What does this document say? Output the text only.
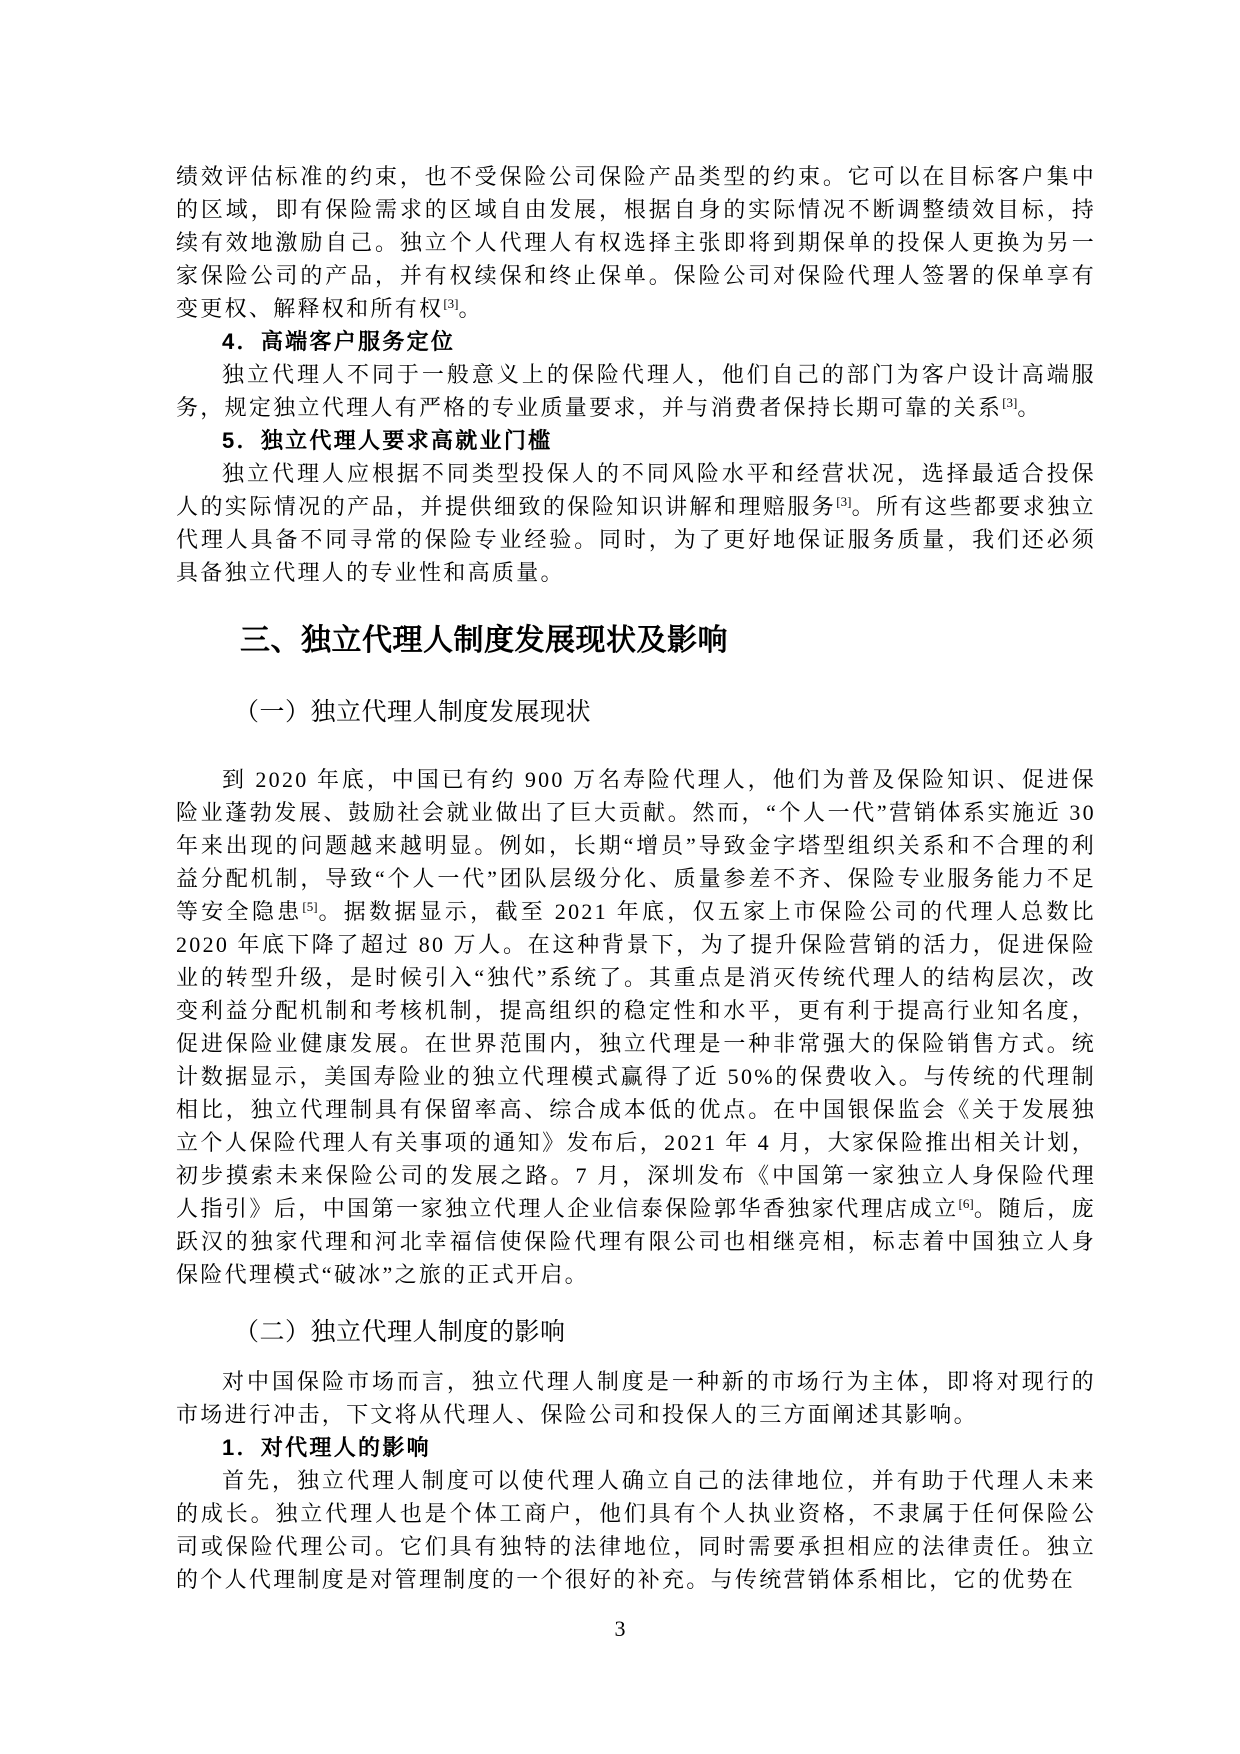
绩效评估标准的约束，也不受保险公司保险产品类型的约束。它可以在目标客户集中的区域，即有保险需求的区域自由发展，根据自身的实际情况不断调整绩效目标，持续有效地激励自己。独立个人代理人有权选择主张即将到期保单的投保人更换为另一家保险公司的产品，并有权续保和终止保单。保险公司对保险代理人签署的保单享有变更权、解释权和所有权[3]。

4．高端客户服务定位

独立代理人不同于一般意义上的保险代理人，他们自己的部门为客户设计高端服务，规定独立代理人有严格的专业质量要求，并与消费者保持长期可靠的关系[3]。

5．独立代理人要求高就业门槛

独立代理人应根据不同类型投保人的不同风险水平和经营状况，选择最适合投保人的实际情况的产品，并提供细致的保险知识讲解和理赔服务[3]。所有这些都要求独立代理人具备不同寻常的保险专业经验。同时，为了更好地保证服务质量，我们还必须具备独立代理人的专业性和高质量。

三、独立代理人制度发展现状及影响
（一）独立代理人制度发展现状

到 2020 年底，中国已有约 900 万名寿险代理人，他们为普及保险知识、促进保险业蓬勃发展、鼓励社会就业做出了巨大贡献。然而，“个人一代”营销体系实施近 30 年来出现的问题越来越明显。例如，长期“增员”导致金字塔型组织关系和不合理的利益分配机制，导致“个人一代”团队层级分化、质量参差不齐、保险专业服务能力不足等安全隐患[5]。据数据显示，截至 2021 年底，仅五家上市保险公司的代理人总数比 2020 年底下降了超过 80 万人。在这种背景下，为了提升保险营销的活力，促进保险业的转型升级，是时候引入“独代”系统了。其重点是消灭传统代理人的结构层次，改变利益分配机制和考核机制，提高组织的稳定性和水平，更有利于提高行业知名度，促进保险业健康发展。在世界范围内，独立代理是一种非常强大的保险销售方式。统计数据显示，美国寿险业的独立代理模式赢得了近 50%的保费收入。与传统的代理制相比，独立代理制具有保留率高、综合成本低的优点。在中国银保监会《关于发展独立个人保险代理人有关事项的通知》发布后，2021 年 4 月，大家保险推出相关计划，初步摸索未来保险公司的发展之路。7 月，深圳发布《中国第一家独立人身保险代理人指引》后，中国第一家独立代理人企业信泰保险郭华香独家代理店成立[6]。随后，庞跃汉的独家代理和河北幸福信使保险代理有限公司也相继亮相，标志着中国独立人身保险代理模式“破冰”之旅的正式开启。

（二）独立代理人制度的影响

对中国保险市场而言，独立代理人制度是一种新的市场行为主体，即将对现行的市场进行冲击，下文将从代理人、保险公司和投保人的三方面阐述其影响。

1．对代理人的影响

首先，独立代理人制度可以使代理人确立自己的法律地位，并有助于代理人未来的成长。独立代理人也是个体工商户，他们具有个人执业资格，不隶属于任何保险公司或保险代理公司。它们具有独特的法律地位，同时需要承担相应的法律责任。独立的个人代理制度是对管理制度的一个很好的补充。与传统营销体系相比，它的优势在

3
